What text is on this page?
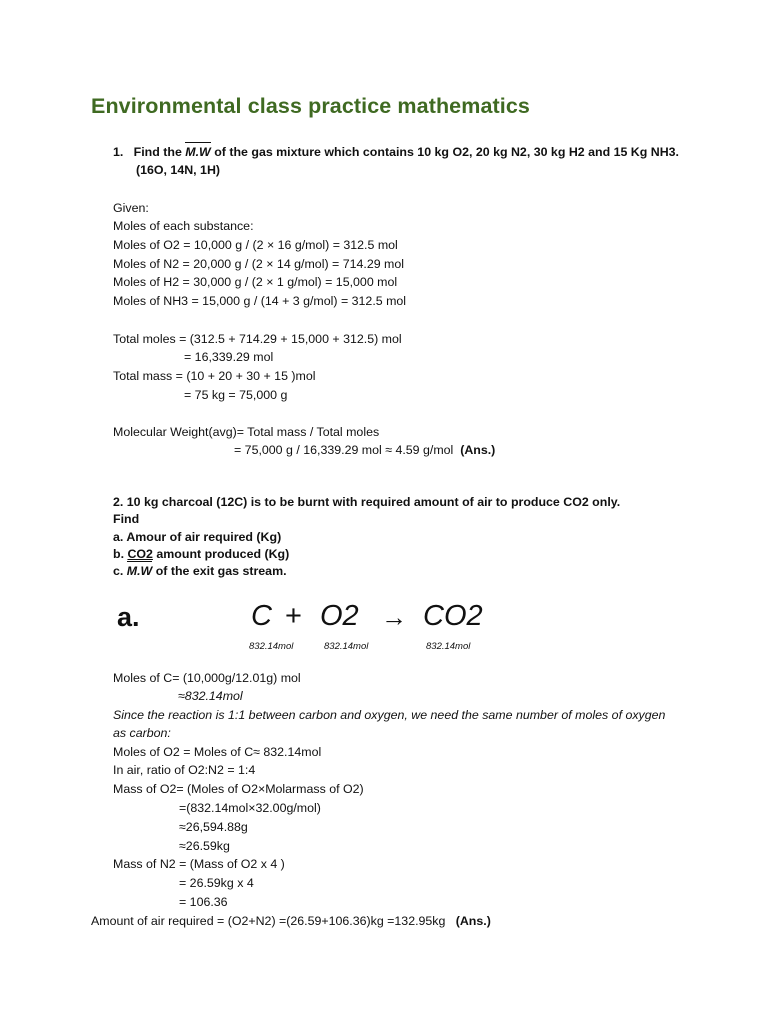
Environmental class practice mathematics
1. Find the M.W of the gas mixture which contains 10 kg O2, 20 kg N2, 30 kg H2 and 15 Kg NH3.
(16O, 14N, 1H)
Given:
Moles of each substance:
Moles of O2 = 10,000 g / (2 × 16 g/mol) = 312.5 mol
Moles of N2 = 20,000 g / (2 × 14 g/mol) = 714.29 mol
Moles of H2 = 30,000 g / (2 × 1 g/mol) = 15,000 mol
Moles of NH3 = 15,000 g / (14 + 3 g/mol) = 312.5 mol
Total moles = (312.5 + 714.29 + 15,000 + 312.5) mol
= 16,339.29 mol
Total mass = (10 + 20 + 30 + 15 )mol
= 75 kg = 75,000 g
Molecular Weight(avg)= Total mass / Total moles
= 75,000 g / 16,339.29 mol ≈ 4.59 g/mol (Ans.)
2. 10 kg charcoal (12C) is to be burnt with required amount of air to produce CO2 only.
Find
a. Amour of air required (Kg)
b. CO2 amount produced (Kg)
c. M.W of the exit gas stream.
a.	C + O2 → CO2
832.14mol	832.14mol	832.14mol
Moles of C= (10,000g/12.01g) mol
≈832.14mol
Since the reaction is 1:1 between carbon and oxygen, we need the same number of moles of oxygen
as carbon:
Moles of O2 = Moles of C≈ 832.14mol
In air, ratio of O2:N2 = 1:4
Mass of O2= (Moles of O2×Molarmass of O2)
=(832.14mol×32.00g/mol)
≈26,594.88g
≈26.59kg
Mass of N2 = (Mass of O2 x 4 )
= 26.59kg x 4
= 106.36
Amount of air required = (O2+N2) =(26.59+106.36)kg =132.95kg (Ans.)
